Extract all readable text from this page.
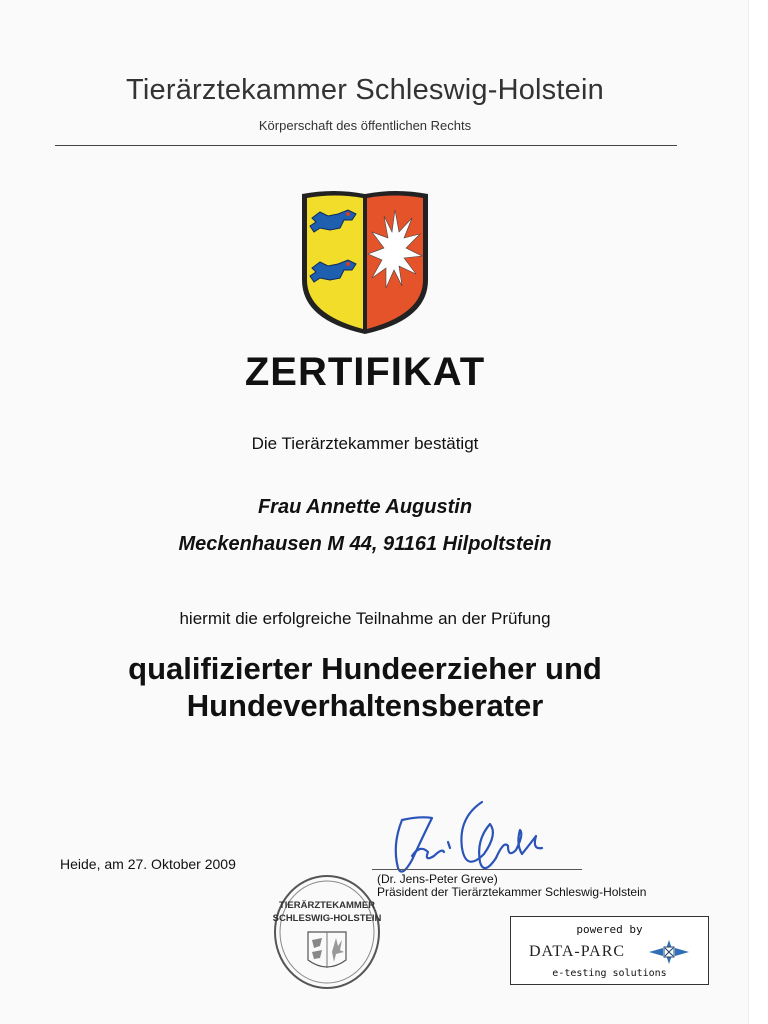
Tierärztekammer Schleswig-Holstein
Körperschaft des öffentlichen Rechts
ZERTIFIKAT
Die Tierärztekammer bestätigt
Frau Annette Augustin
Meckenhausen M 44, 91161 Hilpoltstein
hiermit die erfolgreiche Teilnahme an der Prüfung
qualifizierter Hundeerzieher und
Hundeverhaltensberater
Heide, am 27. Oktober 2009
TIERÄRZTEKAMMER
SCHLESWIG-HOLSTEIN
(Dr. Jens-Peter Greve)
Präsident der Tierärztekammer Schleswig-Holstein
powered by
DATA-PARC
e-testing solutions
